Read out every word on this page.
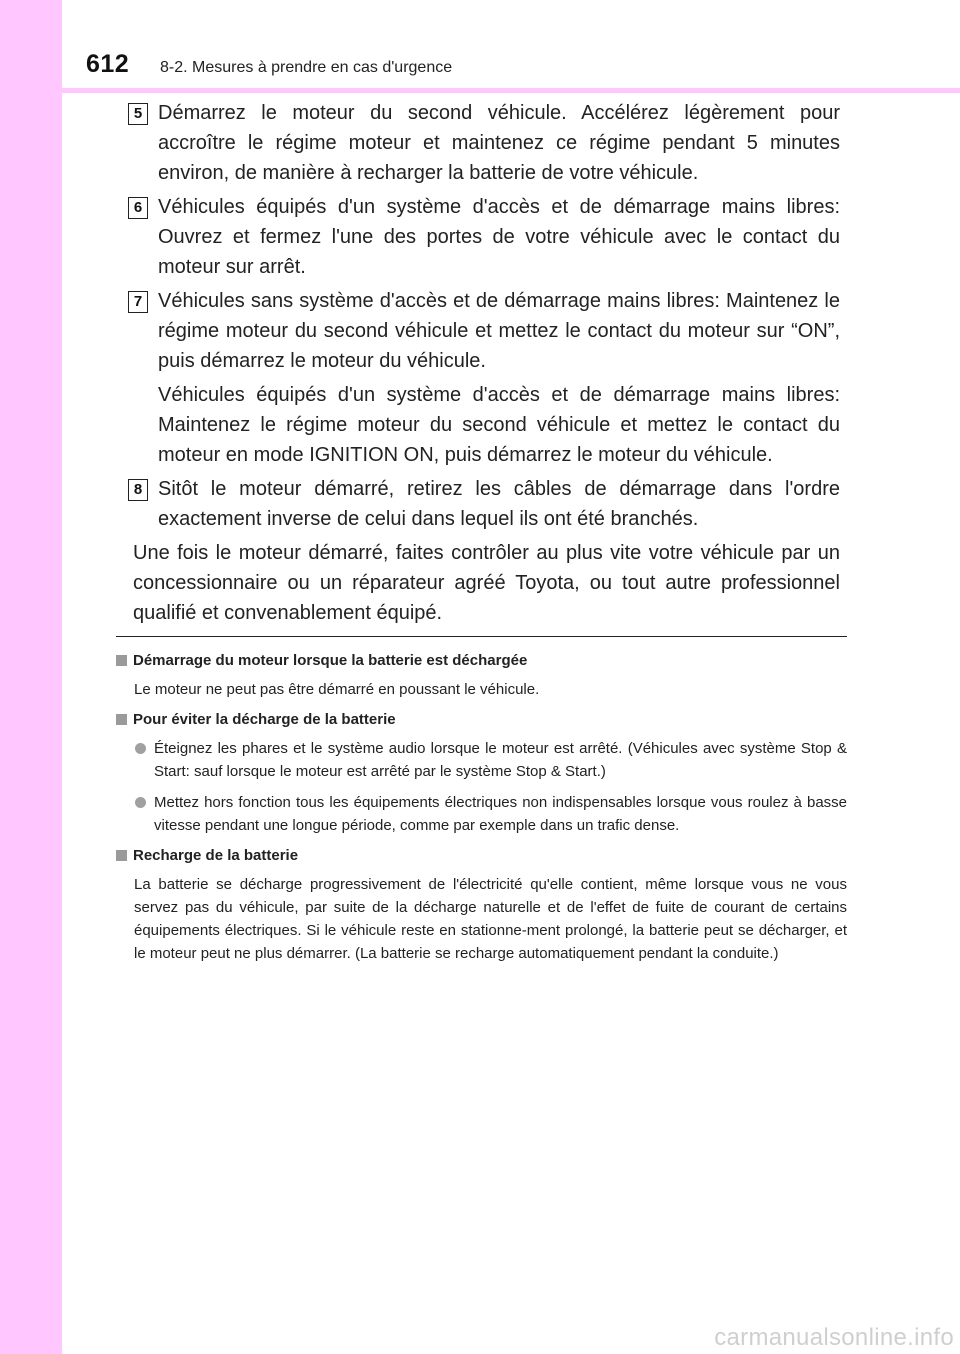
612 8-2. Mesures à prendre en cas d'urgence
5 Démarrez le moteur du second véhicule. Accélérez légèrement pour accroître le régime moteur et maintenez ce régime pendant 5 minutes environ, de manière à recharger la batterie de votre véhicule.

6 Véhicules équipés d'un système d'accès et de démarrage mains libres: Ouvrez et fermez l'une des portes de votre véhicule avec le contact du moteur sur arrêt.

7 Véhicules sans système d'accès et de démarrage mains libres: Maintenez le régime moteur du second véhicule et mettez le contact du moteur sur “ON”, puis démarrez le moteur du véhicule.

Véhicules équipés d'un système d'accès et de démarrage mains libres: Maintenez le régime moteur du second véhicule et mettez le contact du moteur en mode IGNITION ON, puis démarrez le moteur du véhicule.

8 Sitôt le moteur démarré, retirez les câbles de démarrage dans l'ordre exactement inverse de celui dans lequel ils ont été branchés.

Une fois le moteur démarré, faites contrôler au plus vite votre véhicule par un concessionnaire ou un réparateur agréé Toyota, ou tout autre professionnel qualifié et convenablement équipé.

Démarrage du moteur lorsque la batterie est déchargée

Le moteur ne peut pas être démarré en poussant le véhicule.

Pour éviter la décharge de la batterie
Éteignez les phares et le système audio lorsque le moteur est arrêté. (Véhicules avec système Stop & Start: sauf lorsque le moteur est arrêté par le système Stop & Start.)
Mettez hors fonction tous les équipements électriques non indispensables lorsque vous roulez à basse vitesse pendant une longue période, comme par exemple dans un trafic dense.
Recharge de la batterie

La batterie se décharge progressivement de l'électricité qu'elle contient, même lorsque vous ne vous servez pas du véhicule, par suite de la décharge naturelle et de l'effet de fuite de courant de certains équipements électriques. Si le véhicule reste en stationne-ment prolongé, la batterie peut se décharger, et le moteur peut ne plus démarrer. (La batterie se recharge automatiquement pendant la conduite.)

carmanualsonline.info
